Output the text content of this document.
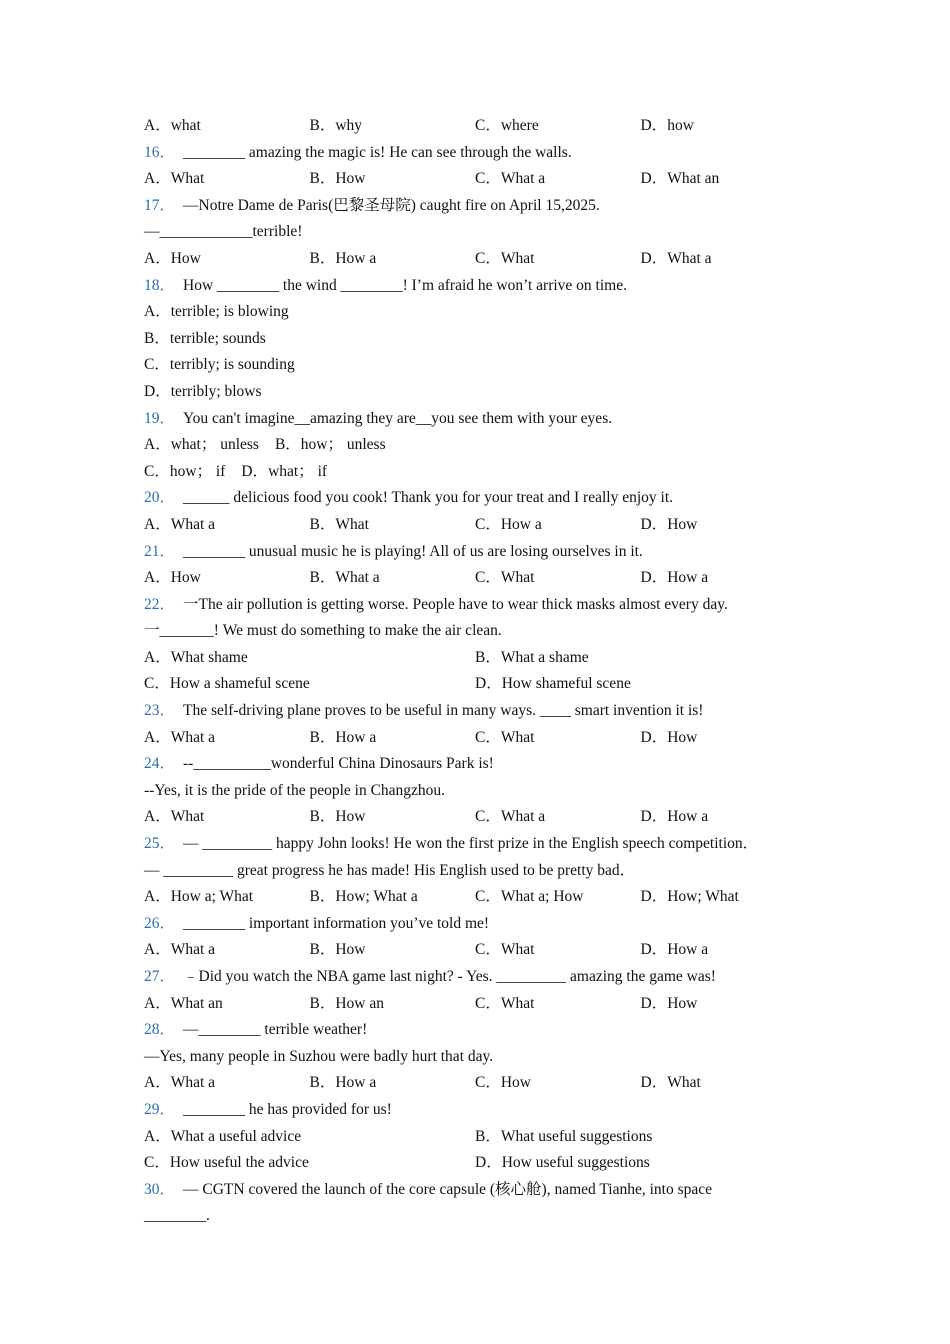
A．what	B．why	C．where	D．how
16． ________ amazing the magic is! He can see through the walls.
A．What	B．How	C．What a	D．What an
17． —Notre Dame de Paris(巴黎圣母院) caught fire on April 15,2025.
—____________terrible!
A．How	B．How a	C．What	D．What a
18． How ________ the wind ________! I’m afraid he won’t arrive on time.
A．terrible; is blowing
B．terrible; sounds
C．terribly; is sounding
D．terribly; blows
19． You can't imagine__amazing they are__you see them with your eyes.
A．what； unless B．how； unless
C．how； if D．what； if
20． ______ delicious food you cook! Thank you for your treat and I really enjoy it.
A．What a	B．What	C．How a	D．How
21． ________ unusual music he is playing! All of us are losing ourselves in it.
A．How	B．What a	C．What	D．How a
22． 一The air pollution is getting worse. People have to wear thick masks almost every day.
一_______! We must do something to make the air clean.
A．What shame	B．What a shame
C．How a shameful scene	D．How shameful scene
23． The self-driving plane proves to be useful in many ways. ____ smart invention it is!
A．What a	B．How a	C．What	D．How
24． --__________wonderful China Dinosaurs Park is!
--Yes, it is the pride of the people in Changzhou.
A．What	B．How	C．What a	D．How a
25． — _________ happy John looks! He won the first prize in the English speech competition．
— _________ great progress he has made! His English used to be pretty bad．
A．How a; What	B．How; What a	C．What a; How	D．How; What
26． ________ important information you’ve told me!
A．What a	B．How	C．What	D．How a
27． ﹣Did you watch the NBA game last night? - Yes. _________ amazing the game was!
A．What an	B．How an	C．What	D．How
28． —________ terrible weather!
—Yes, many people in Suzhou were badly hurt that day.
A．What a	B．How a	C．How	D．What
29． ________ he has provided for us!
A．What a useful advice	B．What useful suggestions
C．How useful the advice	D．How useful suggestions
30． — CGTN covered the launch of the core capsule (核心舱), named Tianhe, into space
________.
